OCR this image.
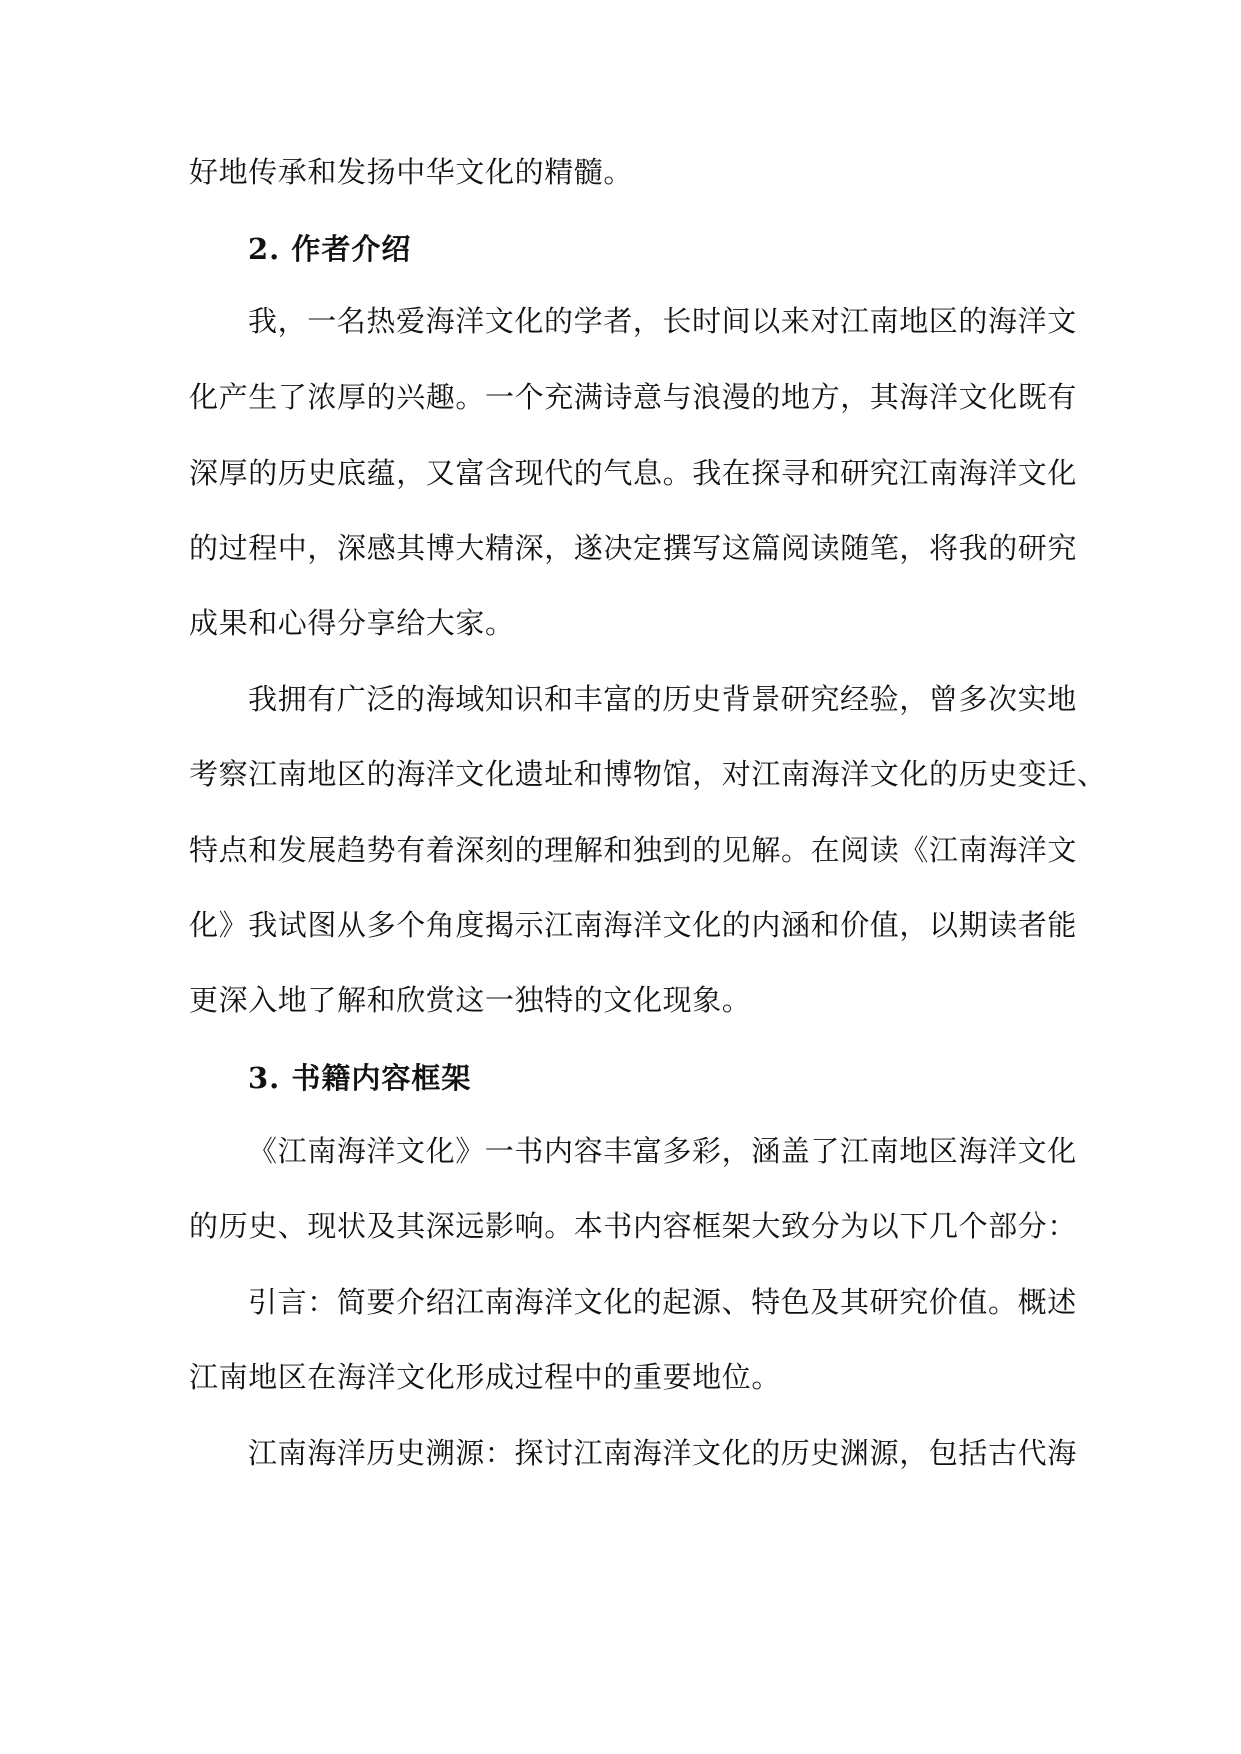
好地传承和发扬中华文化的精髓。
2. 作者介绍
我，一名热爱海洋文化的学者，长时间以来对江南地区的海洋文
化产生了浓厚的兴趣。一个充满诗意与浪漫的地方，其海洋文化既有
深厚的历史底蕴，又富含现代的气息。我在探寻和研究江南海洋文化
的过程中，深感其博大精深，遂决定撰写这篇阅读随笔，将我的研究
成果和心得分享给大家。
我拥有广泛的海域知识和丰富的历史背景研究经验，曾多次实地
考察江南地区的海洋文化遗址和博物馆，对江南海洋文化的历史变迁、
特点和发展趋势有着深刻的理解和独到的见解。在阅读《江南海洋文
化》我试图从多个角度揭示江南海洋文化的内涵和价值，以期读者能
更深入地了解和欣赏这一独特的文化现象。
3. 书籍内容框架
《江南海洋文化》一书内容丰富多彩，涵盖了江南地区海洋文化
的历史、现状及其深远影响。本书内容框架大致分为以下几个部分：
引言：简要介绍江南海洋文化的起源、特色及其研究价值。概述
江南地区在海洋文化形成过程中的重要地位。
江南海洋历史溯源：探讨江南海洋文化的历史渊源，包括古代海
